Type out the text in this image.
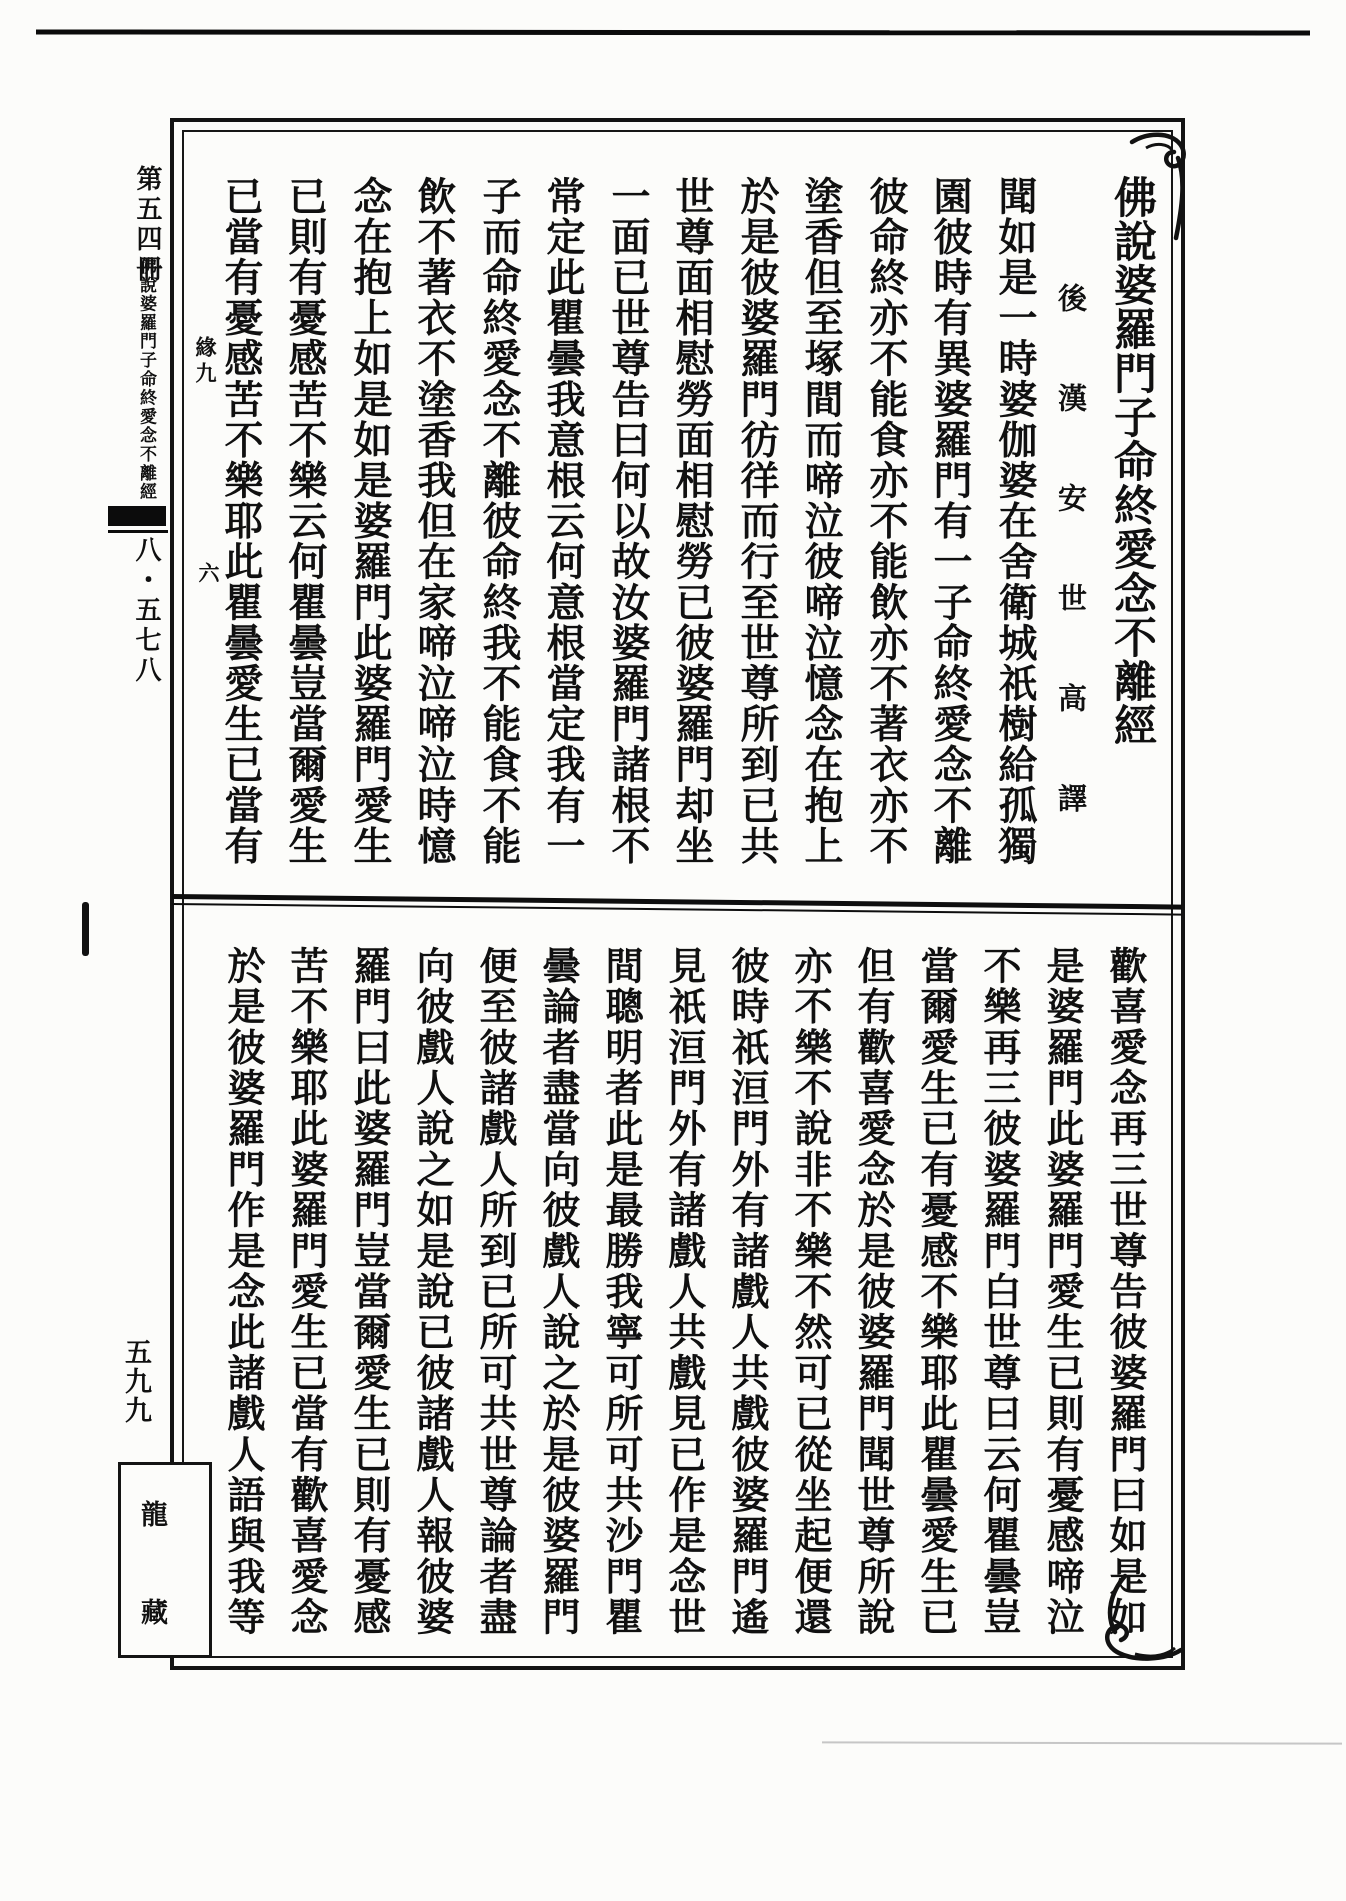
佛說婆羅門子命終愛念不離經
後漢安世高譯
聞如是一時婆伽婆在舍衛城祇樹給孤獨
園彼時有異婆羅門有一子命終愛念不離
彼命終亦不能食亦不能飲亦不著衣亦不
塗香但至塚間而啼泣彼啼泣憶念在抱上
於是彼婆羅門彷徉而行至世尊所到已共
世尊面相慰勞面相慰勞已彼婆羅門却坐
一面已世尊告曰何以故汝婆羅門諸根不
常定此瞿曇我意根云何意根當定我有一
子而命終愛念不離彼命終我不能食不能
飲不著衣不塗香我但在家啼泣啼泣時憶
念在抱上如是如是婆羅門此婆羅門愛生
已則有憂感苦不樂云何瞿曇豈當爾愛生
已當有憂感苦不樂耶此瞿曇愛生已當有
緣九
六
歡喜愛念再三世尊告彼婆羅門曰如是如
是婆羅門此婆羅門愛生已則有憂感啼泣
不樂再三彼婆羅門白世尊曰云何瞿曇豈
當爾愛生已有憂感不樂耶此瞿曇愛生已
但有歡喜愛念於是彼婆羅門聞世尊所說
亦不樂不說非不樂不然可已從坐起便還
彼時祇洹門外有諸戲人共戲彼婆羅門遙
見祇洹門外有諸戲人共戲見已作是念世
間聰明者此是最勝我寧可所可共沙門瞿
曇論者盡當向彼戲人說之於是彼婆羅門
便至彼諸戲人所到已所可共世尊論者盡
向彼戲人說之如是說已彼諸戲人報彼婆
羅門曰此婆羅門豈當爾愛生已則有憂感
苦不樂耶此婆羅門愛生已當有歡喜愛念
於是彼婆羅門作是念此諸戲人語與我等
第五四冊
佛說婆羅門子命終愛念不離經
八・五七八
五九九
龍
藏
